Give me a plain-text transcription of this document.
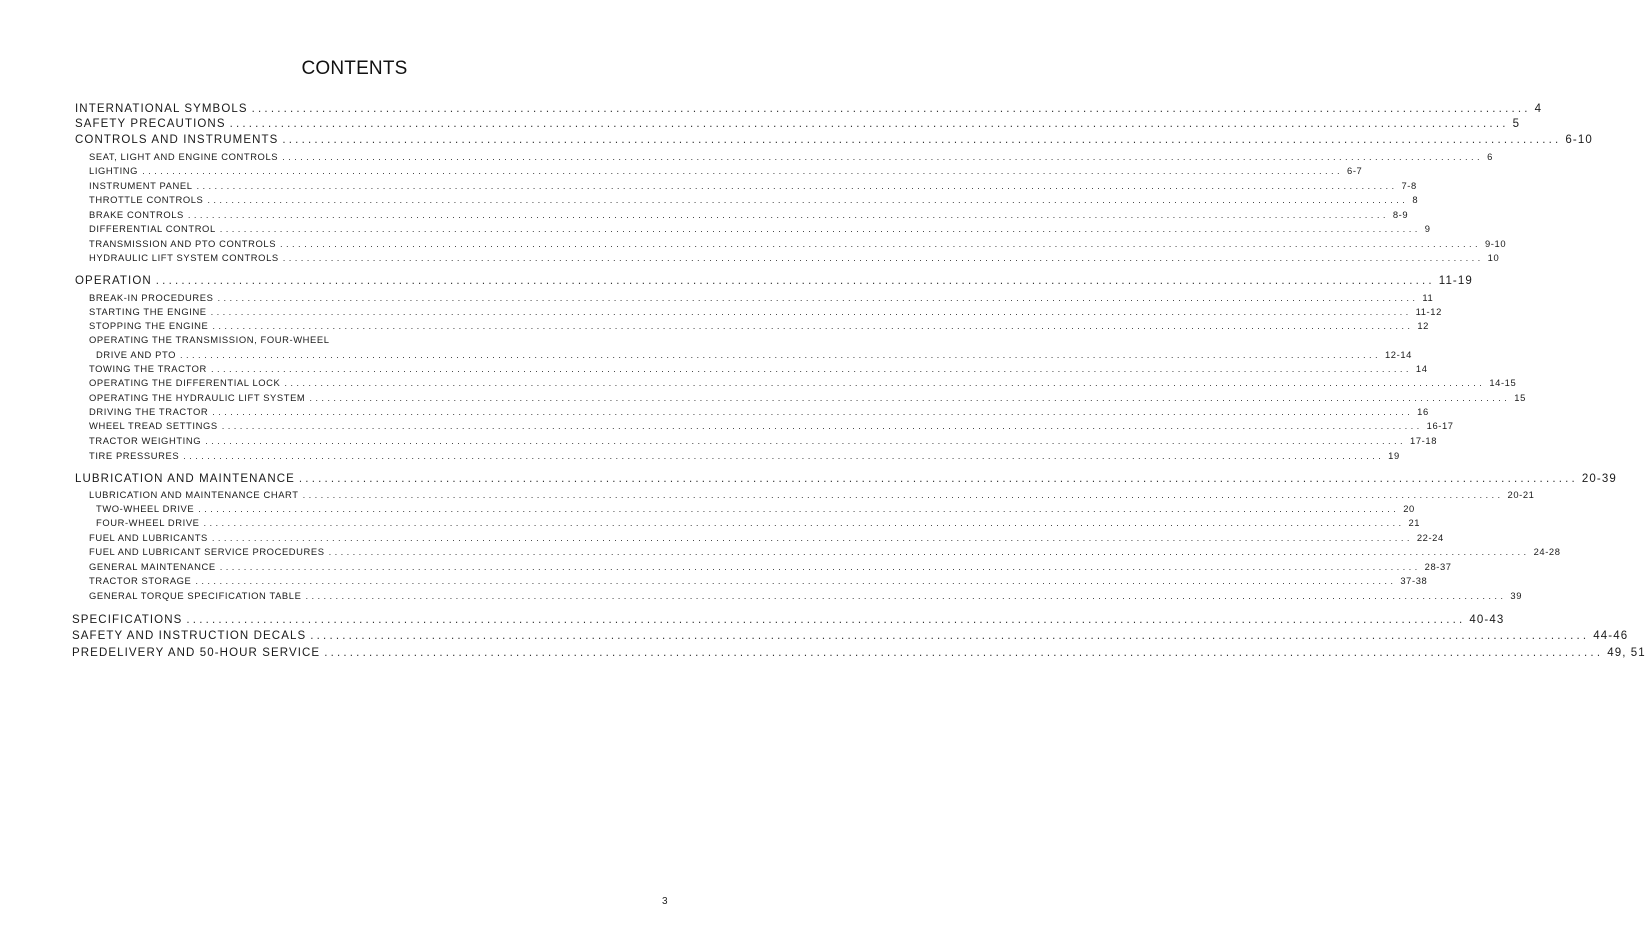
CONTENTS
INTERNATIONAL SYMBOLS ........................................................................................................................................................................................................ 4
SAFETY PRECAUTIONS ........................................................................................................................................................................................................ 5
CONTROLS AND INSTRUMENTS ........................................................................................................................................................................................................ 6-10
SEAT, LIGHT AND ENGINE CONTROLS ........................................................................................................................................................................................................ 6
LIGHTING ........................................................................................................................................................................................................ 6-7
INSTRUMENT PANEL ........................................................................................................................................................................................................ 7-8
THROTTLE CONTROLS ........................................................................................................................................................................................................ 8
BRAKE CONTROLS ........................................................................................................................................................................................................ 8-9
DIFFERENTIAL CONTROL ........................................................................................................................................................................................................ 9
TRANSMISSION AND PTO CONTROLS ........................................................................................................................................................................................................ 9-10
HYDRAULIC LIFT SYSTEM CONTROLS ........................................................................................................................................................................................................ 10
OPERATION ........................................................................................................................................................................................................ 11-19
BREAK-IN PROCEDURES ........................................................................................................................................................................................................ 11
STARTING THE ENGINE ........................................................................................................................................................................................................ 11-12
STOPPING THE ENGINE ........................................................................................................................................................................................................ 12
OPERATING THE TRANSMISSION, FOUR-WHEEL
DRIVE AND PTO ........................................................................................................................................................................................................ 12-14
TOWING THE TRACTOR ........................................................................................................................................................................................................ 14
OPERATING THE DIFFERENTIAL LOCK ........................................................................................................................................................................................................ 14-15
OPERATING THE HYDRAULIC LIFT SYSTEM ........................................................................................................................................................................................................ 15
DRIVING THE TRACTOR ........................................................................................................................................................................................................ 16
WHEEL TREAD SETTINGS ........................................................................................................................................................................................................ 16-17
TRACTOR WEIGHTING ........................................................................................................................................................................................................ 17-18
TIRE PRESSURES ........................................................................................................................................................................................................ 19
LUBRICATION AND MAINTENANCE ........................................................................................................................................................................................................ 20-39
LUBRICATION AND MAINTENANCE CHART ........................................................................................................................................................................................................ 20-21
TWO-WHEEL DRIVE ........................................................................................................................................................................................................ 20
FOUR-WHEEL DRIVE ........................................................................................................................................................................................................ 21
FUEL AND LUBRICANTS ........................................................................................................................................................................................................ 22-24
FUEL AND LUBRICANT SERVICE PROCEDURES ........................................................................................................................................................................................................ 24-28
GENERAL MAINTENANCE ........................................................................................................................................................................................................ 28-37
TRACTOR STORAGE ........................................................................................................................................................................................................ 37-38
GENERAL TORQUE SPECIFICATION TABLE ........................................................................................................................................................................................................ 39
SPECIFICATIONS ........................................................................................................................................................................................................ 40-43
SAFETY AND INSTRUCTION DECALS ........................................................................................................................................................................................................ 44-46
PREDELIVERY AND 50-HOUR SERVICE ........................................................................................................................................................................................................ 49, 51
3
